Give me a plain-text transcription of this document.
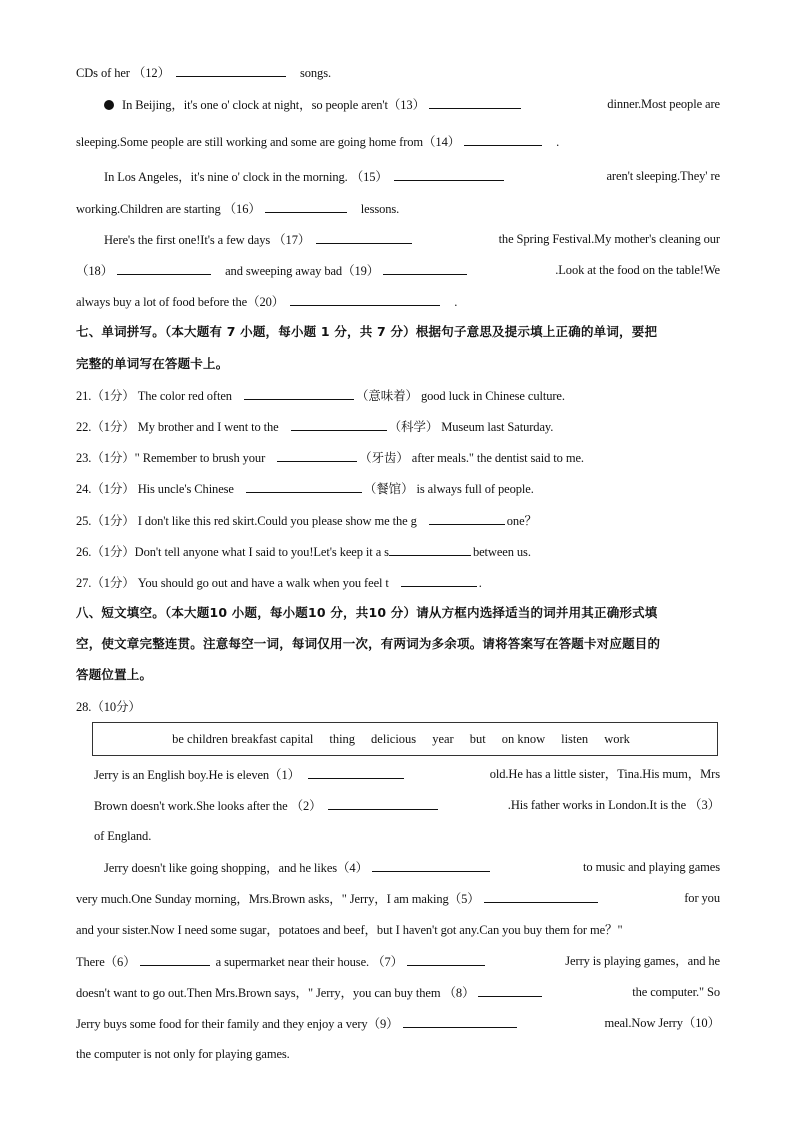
CDs of her （12）	songs.
In Beijing，it's one o' clock at night，so people aren't（13）	dinner.Most people are
sleeping.Some people are still working and some are going home from（14）	.
In Los Angeles，it's nine o' clock in the morning. （15）	aren't sleeping.They' re
working.Children are starting （16）	lessons.
Here's the first one!It's a few days （17）	the Spring Festival.My mother's cleaning our
（18）	and sweeping away bad（19）	.Look at the food on the table!We
always buy a lot of food before the（20）	.
七、单词拼写。（本大题有 7 小题，每小题 1 分，共 7 分）根据句子意思及提示填上正确的单词，要把
完整的单词写在答题卡上。
21.（1分） The color red often	（意味着） good luck in Chinese culture.
22.（1分） My brother and I went to the	（科学） Museum last Saturday.
23.（1分）" Remember to brush your	（牙齿） after meals." the dentist said to me.
24.（1分） His uncle's Chinese	（餐馆） is always full of people.
25.（1分） I don't like this red skirt.Could you please show me the g	one？
26.（1分）Don't tell anyone what I said to you!Let's keep it a s	between us.
27.（1分） You should go out and have a walk when you feel t	.
八、短文填空。（本大题10 小题，每小题10 分，共10 分）请从方框内选择适当的词并用其正确形式填
空，使文章完整连贯。注意每空一词，每词仅用一次，有两词为多余项。请将答案写在答题卡对应题目的
答题位置上。
28.（10分）
be children breakfast capital thing delicious year but on know listen work
Jerry is an English boy.He is eleven（1）	old.He has a little sister，Tina.His mum，Mrs
Brown doesn't work.She looks after the （2）	.His father works in London.It is the （3）
of England.
Jerry doesn't like going shopping，and he likes（4）	to music and playing games
very much.One Sunday morning，Mrs.Brown asks，" Jerry，I am making（5）	for you
and your sister.Now I need some sugar，potatoes and beef，but I haven't got any.Can you buy them for me？"
There（6）	a supermarket near their house. （7）	Jerry is playing games，and he
doesn't want to go out.Then Mrs.Brown says，" Jerry，you can buy them （8）	the computer." So
Jerry buys some food for their family and they enjoy a very（9）	meal.Now Jerry（10）
the computer is not only for playing games.
